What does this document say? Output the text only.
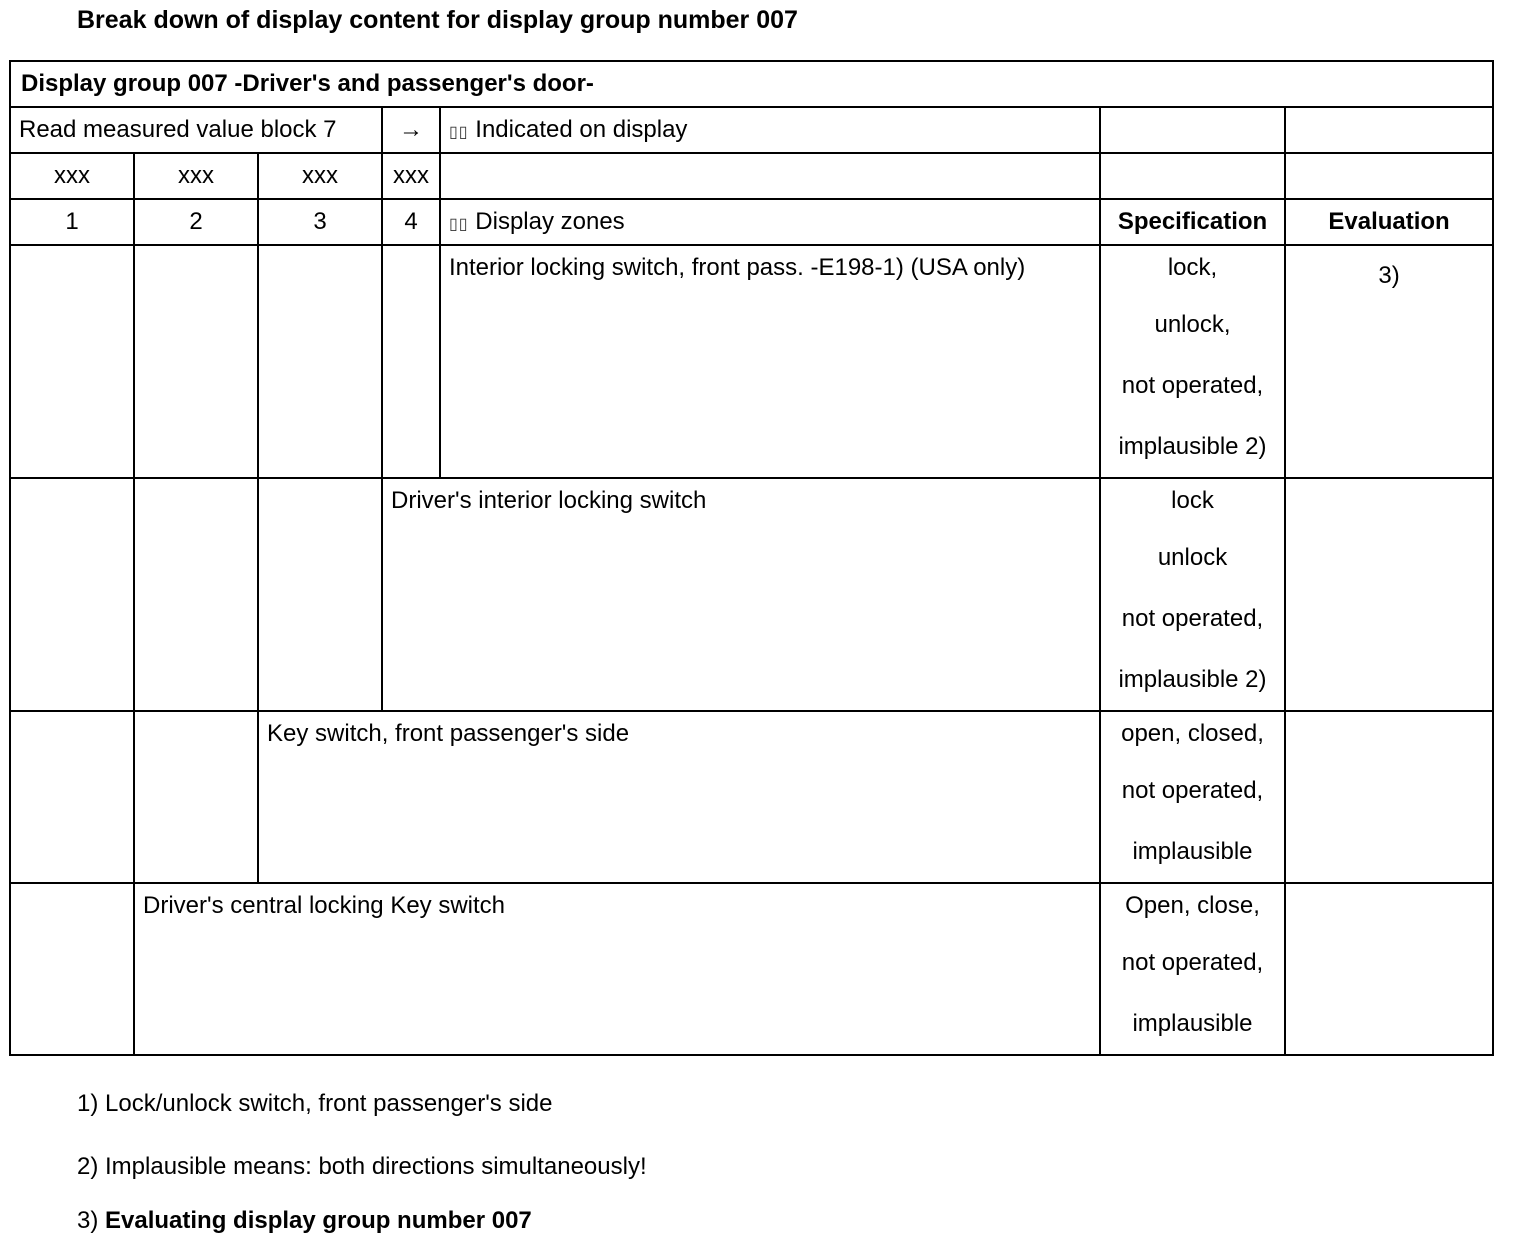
Break down of display content for display group number 007
Display group 007 -Driver's and passenger's door-						
Read measured value block 7			→	▯▯ Indicated on display		
xxx	xxx	xxx	xxx			
1	2	3	4	▯▯ Display zones	Specification	Evaluation
				Interior locking switch, front pass. -E198-1) (USA only)	lock,
unlock,
not operated,
implausible 2)	3)
			Driver's interior locking switch		lock
unlock
not operated,
implausible 2)	

		Key switch, front passenger's side			open, closed,
not operated,
implausible	

	Driver's central locking Key switch				Open, close,
not operated,
implausible	

1) Lock/unlock switch, front passenger's side
2) Implausible means: both directions simultaneously!
3) Evaluating display group number 007
